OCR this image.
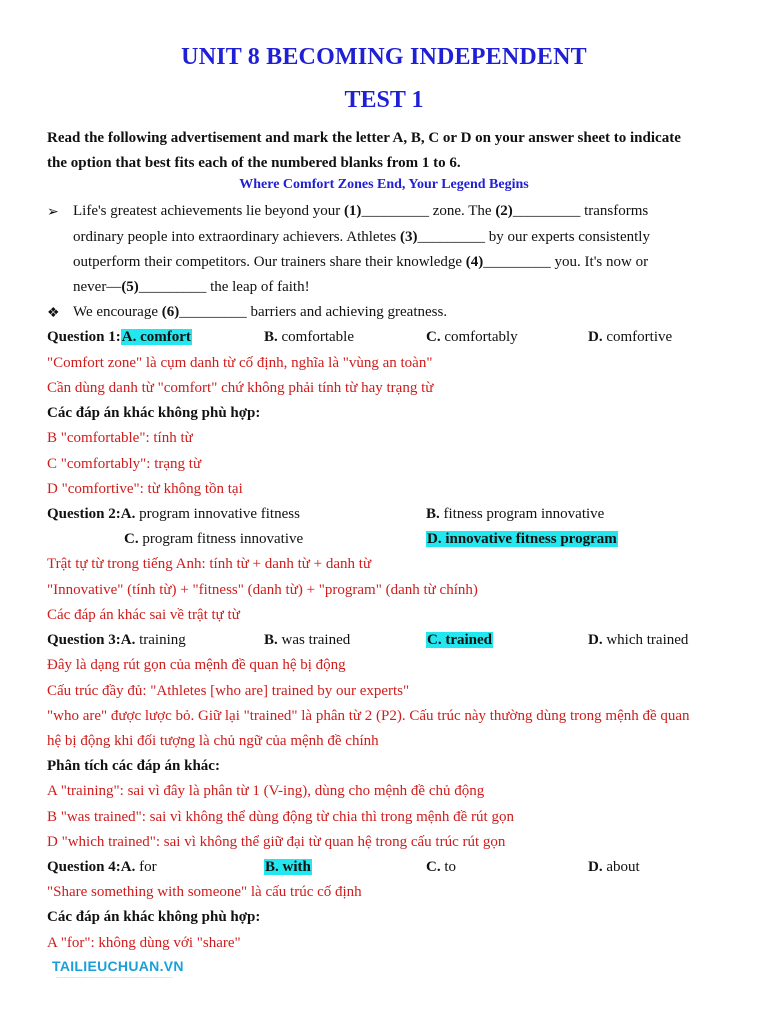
UNIT 8 BECOMING INDEPENDENT
TEST 1
Read the following advertisement and mark the letter A, B, C or D on your answer sheet to indicate
the option that best fits each of the numbered blanks from 1 to 6.
Where Comfort Zones End, Your Legend Begins
➢ Life's greatest achievements lie beyond your (1)_________ zone. The (2)_________ transforms
ordinary people into extraordinary achievers. Athletes (3)_________ by our experts consistently
outperform their competitors. Our trainers share their knowledge (4)_________ you. It's now or
never—(5)_________ the leap of faith!
❖ We encourage (6)_________ barriers and achieving greatness.
Question 1:A. comfort	B. comfortable	C. comfortably	D. comfortive
"Comfort zone" là cụm danh từ cố định, nghĩa là "vùng an toàn"
Cần dùng danh từ "comfort" chứ không phải tính từ hay trạng từ
Các đáp án khác không phù hợp:
B "comfortable": tính từ
C "comfortably": trạng từ
D "comfortive": từ không tồn tại
Question 2:A. program innovative fitness	B. fitness program innovative
C. program fitness innovative	D. innovative fitness program
Trật tự từ trong tiếng Anh: tính từ + danh từ + danh từ
"Innovative" (tính từ) + "fitness" (danh từ) + "program" (danh từ chính)
Các đáp án khác sai về trật tự từ
Question 3:A. training	B. was trained	C. trained	D. which trained
Đây là dạng rút gọn của mệnh đề quan hệ bị động
Cấu trúc đầy đủ: "Athletes [who are] trained by our experts"
"who are" được lược bỏ. Giữ lại "trained" là phân từ 2 (P2). Cấu trúc này thường dùng trong mệnh đề quan
hệ bị động khi đối tượng là chủ ngữ của mệnh đề chính
Phân tích các đáp án khác:
A "training": sai vì đây là phân từ 1 (V-ing), dùng cho mệnh đề chủ động
B "was trained": sai vì không thể dùng động từ chia thì trong mệnh đề rút gọn
D "which trained": sai vì không thể giữ đại từ quan hệ trong cấu trúc rút gọn
Question 4:A. for	B. with	C. to	D. about
"Share something with someone" là cấu trúc cố định
Các đáp án khác không phù hợp:
A "for": không dùng với "share"
TAILIEUCHUAN.VN
——————————————————
